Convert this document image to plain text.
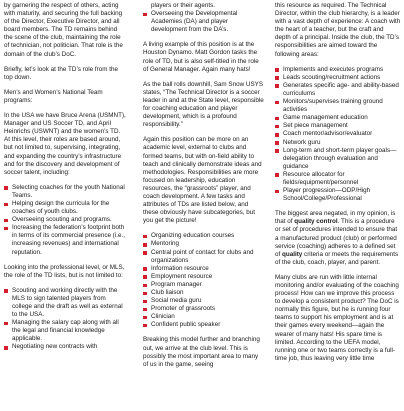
by garnering the respect of others, acting with maturity, and securing the full backing of the Director, Executive Director, and all board members. The TD remains behind the scene of the club, maintaining the role of technician, not politician. That role is the domain of the club’s DoC.

Briefly, let’s look at the TD’s role from the top down.

Men’s and Women’s National Team programs:

In the USA we have Bruce Arena (USMNT), Manager and US Soccer TD, and April Heinrichs (USWNT) and the women’s TD. At this level, their roles are based around, but not limited to, supervising, integrating, and expanding the country’s infrastructure and for the discovery and development of soccer talent, including:

Selecting coaches for the youth National Teams.
Helping design the curricula for the coaches of youth clubs.
Overseeing scouting and programs.
Increasing the federation’s footprint both in terms of its commercial presence (i.e., increasing revenues) and international reputation.

Looking into the professional level, or MLS, the role of the TD lists, but is not limited to:

Scouting and working directly with the MLS to sign talented players from college and the draft as well as external to the USA.
Managing the salary cap along with all the legal and financial knowledge applicable.
Negotiating new contracts with
players or their agents.
Overseeing the Developmental Academies (DA) and player development from the DA’s.

A living example of this position is at the Houston Dynamo. Matt Gordon tasks the role of TD, but is also self-titled in the role of General Manager. Again many hats!

As the ball rolls downhill, Sam Snow USYS states, “The Technical Director is a soccer leader in and at the State level, responsible for coaching education and player development, which is a profound responsibility.”

Again this position can be more on an academic level, external to clubs and formed teams, but with on-field ability to teach and clinically demonstrate ideas and methodologies. Responsibilities are more focused on leadership, education resources, the “grassroots” player, and coach development. A few tasks and attributes of TDs are listed below, and these obviously have subcategories, but you get the picture!

Organizing education courses
Mentoring
Central point of contact for clubs and organizations
Information resource
Employment resource
Program manager
Club liaison
Social media guru
Promoter of grassroots
Clinician
Confident public speaker

Breaking this model further and branching out, we arrive at the club level. This is possibly the most important area to many of us in the game, seeing

this resource as required. The Technical Director, within the club hierarchy, is a leader with a vast depth of experience: A coach with the heart of a teacher, but the craft and depth of a principal. Inside the club, the TD’s responsibilities are aimed toward the following areas:

Implements and executes programs
Leads scouting/recruitment actions
Generates specific age- and ability-based curriculums
Monitors/supervises training ground activities
Game management education
Set piece management
Coach mentor/advisor/evaluator
Network guru
Long-term and short-term player goals—delegation through evaluation and guidance
Resource allocator for fields/equipment/personnel
Player progression—ODP/High School/College/Professional

The biggest area negated, in my opinion, is that of quality control. This is a procedure or set of procedures intended to ensure that a manufactured product (club) or performed service (coaching) adheres to a defined set of quality criteria or meets the requirements of the club, coach, player, and parent.

Many clubs are run with little internal monitoring and/or evaluating of the coaching process! How can we improve this process to develop a consistent product? The DoC is normally this figure, but he is running four teams to support his employment and is at their games every weekend—again the wearer of many hats! His spare time is limited. According to the UEFA model, running one or two teams correctly is a full-time job, thus leaving very little time
